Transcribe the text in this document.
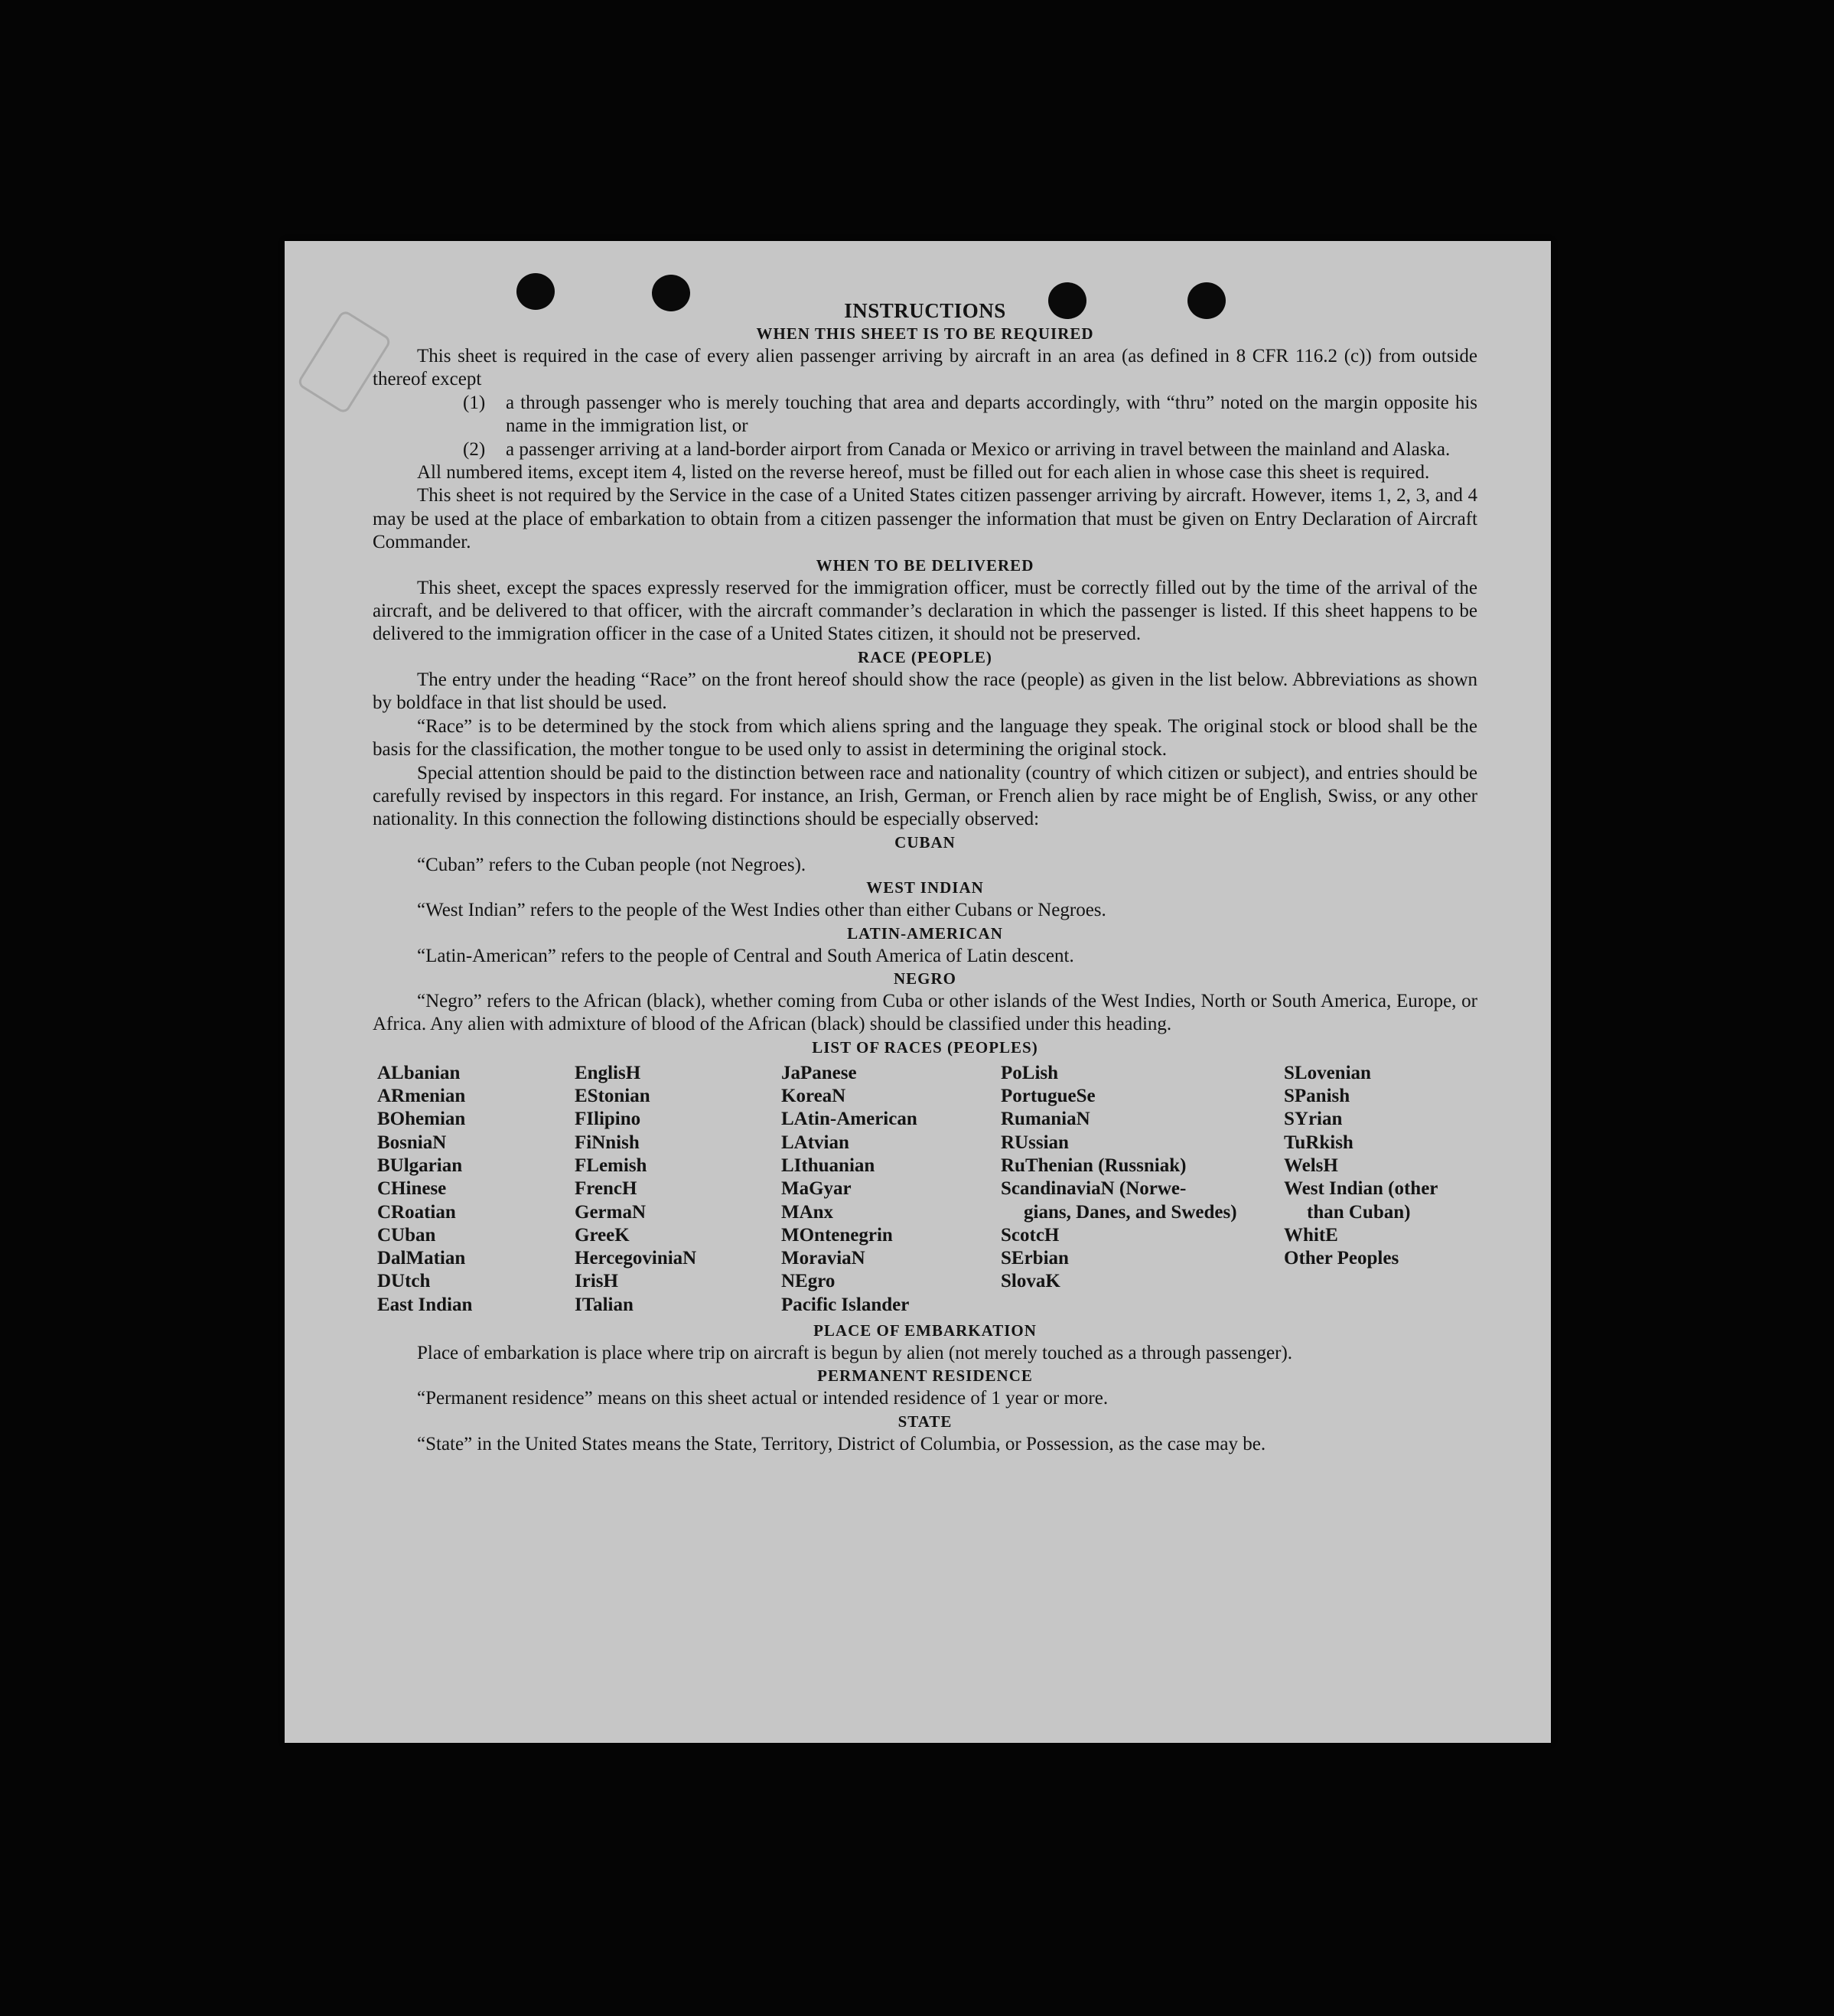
INSTRUCTIONS

WHEN THIS SHEET IS TO BE REQUIRED

This sheet is required in the case of every alien passenger arriving by aircraft in an area (as defined in 8 CFR 116.2 (c)) from outside thereof except

(1)	a through passenger who is merely touching that area and departs accordingly, with “thru” noted on the margin opposite his name in the immigration list, or
(2)	a passenger arriving at a land-border airport from Canada or Mexico or arriving in travel between the mainland and Alaska.

All numbered items, except item 4, listed on the reverse hereof, must be filled out for each alien in whose case this sheet is required.

This sheet is not required by the Service in the case of a United States citizen passenger arriving by aircraft. However, items 1, 2, 3, and 4 may be used at the place of embarkation to obtain from a citizen passenger the information that must be given on Entry Declaration of Aircraft Commander.

WHEN TO BE DELIVERED

This sheet, except the spaces expressly reserved for the immigration officer, must be correctly filled out by the time of the arrival of the aircraft, and be delivered to that officer, with the aircraft commander’s declaration in which the passenger is listed. If this sheet happens to be delivered to the immigration officer in the case of a United States citizen, it should not be preserved.

RACE (PEOPLE)

The entry under the heading “Race” on the front hereof should show the race (people) as given in the list below. Abbreviations as shown by boldface in that list should be used.

“Race” is to be determined by the stock from which aliens spring and the language they speak. The original stock or blood shall be the basis for the classification, the mother tongue to be used only to assist in determining the original stock.

Special attention should be paid to the distinction between race and nationality (country of which citizen or subject), and entries should be carefully revised by inspectors in this regard. For instance, an Irish, German, or French alien by race might be of English, Swiss, or any other nationality. In this connection the following distinctions should be especially observed:

CUBAN

“Cuban” refers to the Cuban people (not Negroes).

WEST INDIAN

“West Indian” refers to the people of the West Indies other than either Cubans or Negroes.

LATIN-AMERICAN

“Latin-American” refers to the people of Central and South America of Latin descent.

NEGRO

“Negro” refers to the African (black), whether coming from Cuba or other islands of the West Indies, North or South America, Europe, or Africa. Any alien with admixture of blood of the African (black) should be classified under this heading.

LIST OF RACES (PEOPLES)

ALbanian
ARmenian
BOhemian
BosniaN
BUlgarian
CHinese
CRoatian
CUban
DalMatian
DUtch
East Indian
EnglisH
EStonian
FIlipino
FiNnish
FLemish
FrencH
GermaN
GreeK
HercegoviniaN
IrisH
ITalian
JaPanese
KoreaN
LAtin-American
LAtvian
LIthuanian
MaGyar
MAnx
MOntenegrin
MoraviaN
NEgro
Pacific Islander
PoLish
PortugueSe
RumaniaN
RUssian
RuThenian (Russniak)
ScandinaviaN (Norwe-
gians, Danes, and Swedes)
ScotcH
SErbian
SlovaK
SLovenian
SPanish
SYrian
TuRkish
WelsH
West Indian (other
than Cuban)
WhitE
Other Peoples

PLACE OF EMBARKATION

Place of embarkation is place where trip on aircraft is begun by alien (not merely touched as a through passenger).

PERMANENT RESIDENCE

“Permanent residence” means on this sheet actual or intended residence of 1 year or more.

STATE

“State” in the United States means the State, Territory, District of Columbia, or Possession, as the case may be.
